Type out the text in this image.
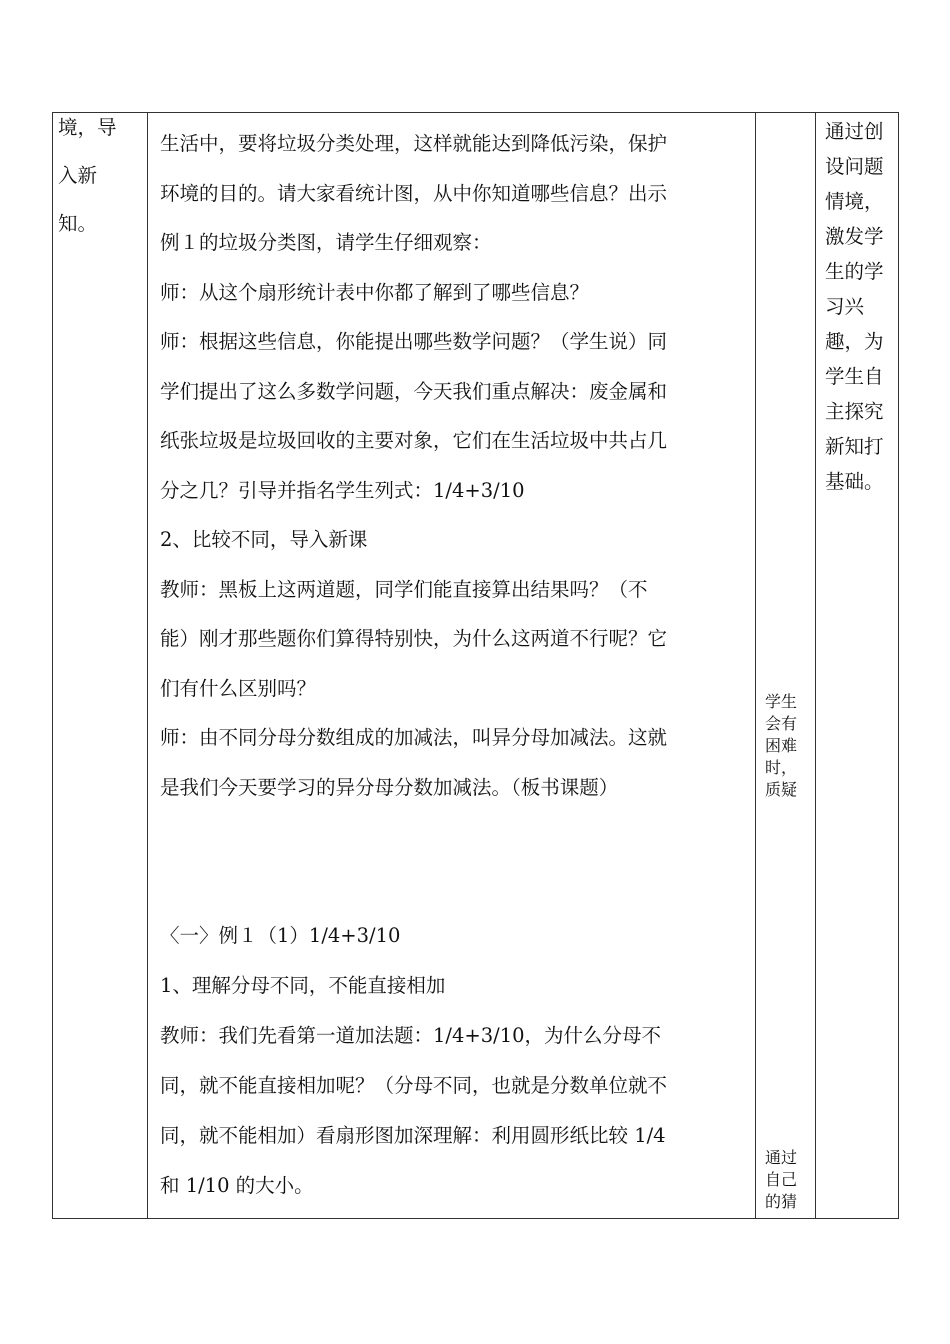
境，导
入新
知。
生活中，要将垃圾分类处理，这样就能达到降低污染，保护
环境的目的。请大家看统计图，从中你知道哪些信息？出示
例１的垃圾分类图，请学生仔细观察：
师：从这个扇形统计表中你都了解到了哪些信息？
师：根据这些信息，你能提出哪些数学问题？（学生说）同
学们提出了这么多数学问题，今天我们重点解决：废金属和
纸张垃圾是垃圾回收的主要对象，它们在生活垃圾中共占几
分之几？引导并指名学生列式：1/4+3/10
2、比较不同，导入新课
教师：黑板上这两道题，同学们能直接算出结果吗？（不
能）刚才那些题你们算得特别快，为什么这两道不行呢？它
们有什么区别吗？
师：由不同分母分数组成的加减法，叫异分母加减法。这就
是我们今天要学习的异分母分数加减法。（板书课题）
〈一〉例１（1）1/4+3/10
1、理解分母不同，不能直接相加
教师：我们先看第一道加法题：1/4+3/10，为什么分母不
同，就不能直接相加呢？（分母不同，也就是分数单位就不
同，就不能相加）看扇形图加深理解：利用圆形纸比较 1/4
和 1/10 的大小。
学生
会有
困难
时，
质疑
通过
自己
的猜
通过创
设问题
情境，
激发学
生的学
习兴
趣，为
学生自
主探究
新知打
基础。
